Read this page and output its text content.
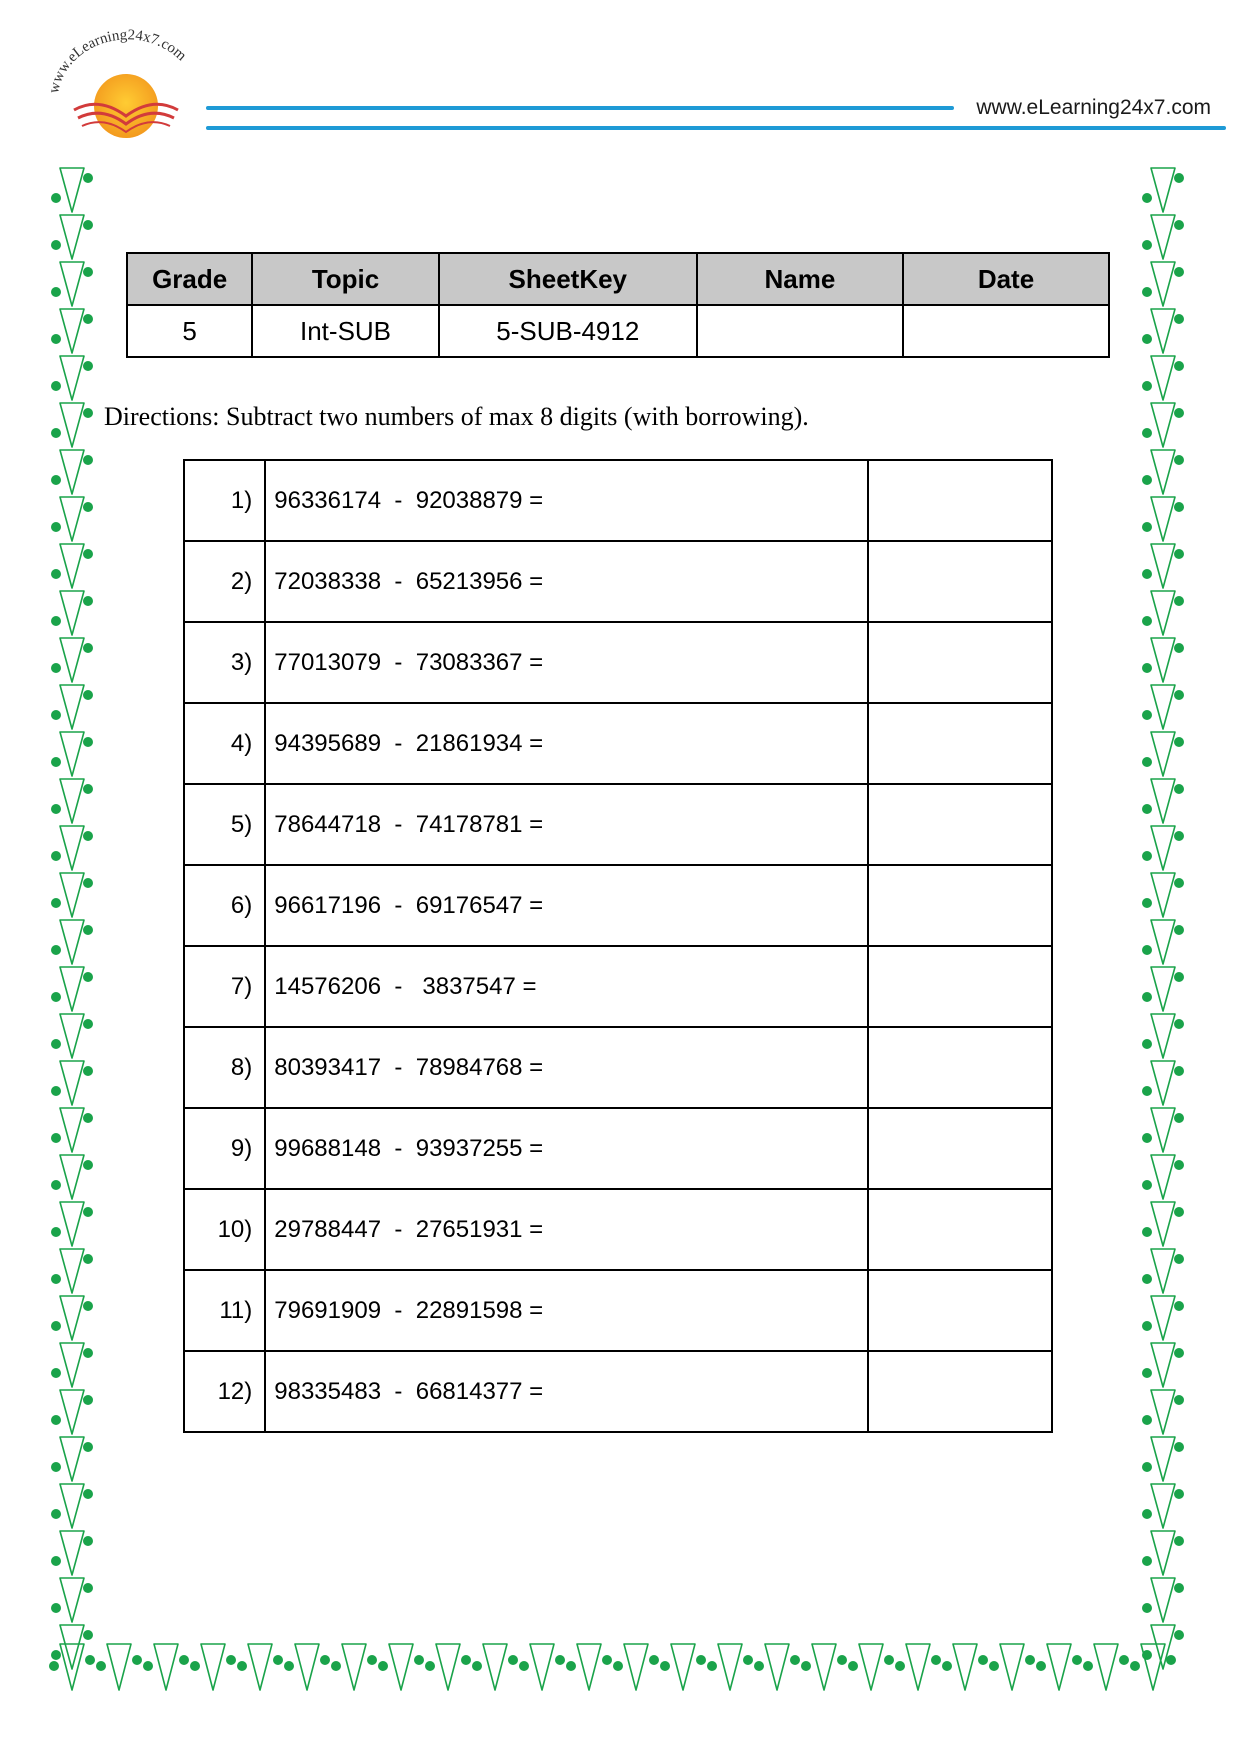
www.eLearning24x7.com
www.eLearning24x7.com
Grade	Topic	SheetKey	Name	Date
5	Int-SUB	5-SUB-4912		
Directions: Subtract two numbers of max 8 digits (with borrowing).
1)	96336174  -  92038879 =	
2)	72038338  -  65213956 =	
3)	77013079  -  73083367 =	
4)	94395689  -  21861934 =	
5)	78644718  -  74178781 =	
6)	96617196  -  69176547 =	
7)	14576206  -   3837547 =	
8)	80393417  -  78984768 =	
9)	99688148  -  93937255 =	
10)	29788447  -  27651931 =	
11)	79691909  -  22891598 =	
12)	98335483  -  66814377 =	
